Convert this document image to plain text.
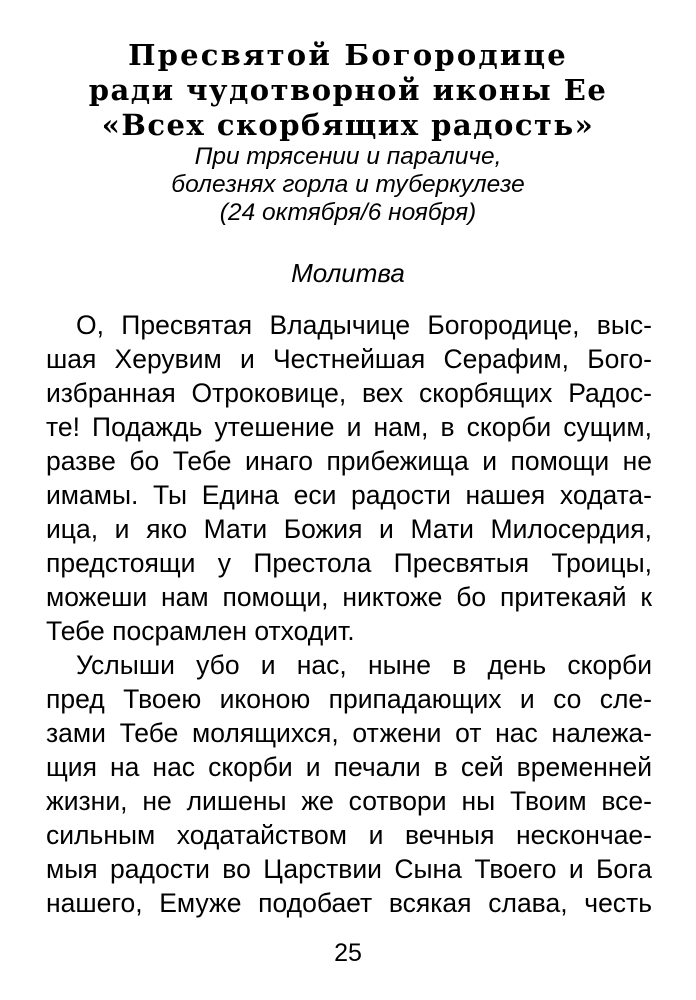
Пресвятой Богородице
ради чудотворной иконы Ее
«Всех скорбящих радость»
При трясении и параличе,
болезнях горла и туберкулезе
(24 октября/6 ноября)
Молитва
О, Пресвятая Владычице Богородице, выс-
шая Херувим и Честнейшая Серафим, Бого-
избранная Отроковице, вех скорбящих Радос-
те! Подаждь утешение и нам, в скорби сущим,
разве бо Тебе инаго прибежища и помощи не
имамы. Ты Едина еси радости нашея ходата-
ица, и яко Мати Божия и Мати Милосердия,
предстоящи у Престола Пресвятыя Троицы,
можеши нам помощи, никтоже бо притекаяй к
Тебе посрамлен отходит.
Услыши убо и нас, ныне в день скорби
пред Твоею иконою припадающих и со сле-
зами Тебе молящихся, отжени от нас належа-
щия на нас скорби и печали в сей временней
жизни, не лишены же сотвори ны Твоим все-
сильным ходатайством и вечныя нескончае-
мыя радости во Царствии Сына Твоего и Бога
нашего, Емуже подобает всякая слава, честь
25
